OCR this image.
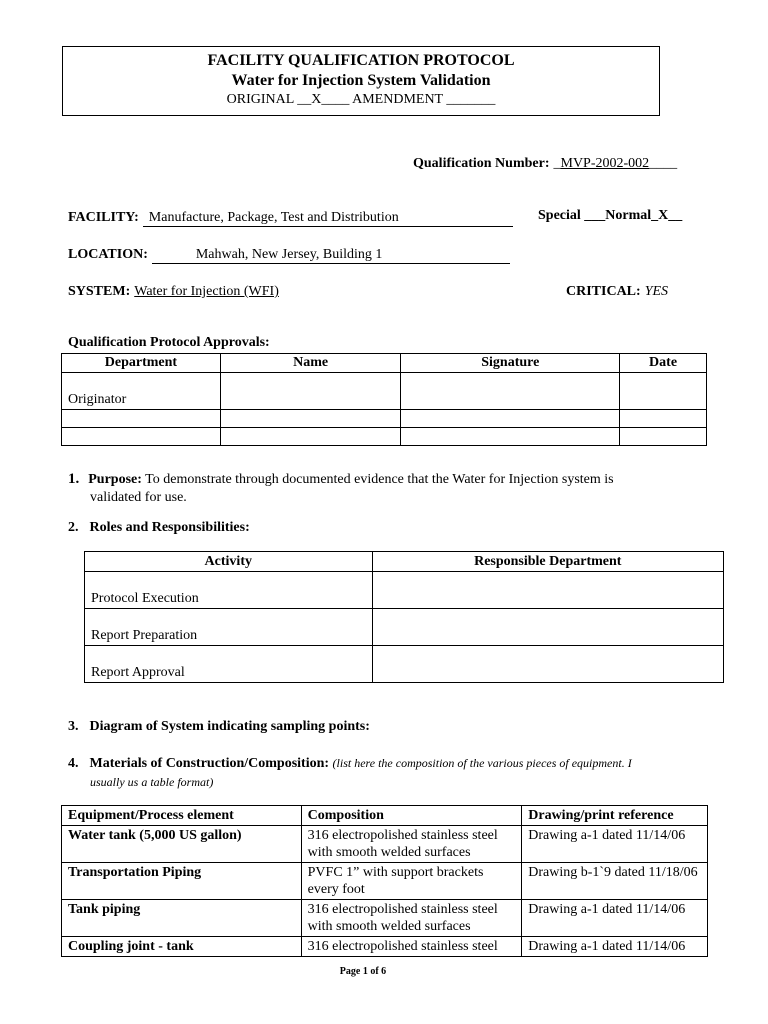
FACILITY QUALIFICATION PROTOCOL
Water for Injection System Validation
ORIGINAL __X____ AMENDMENT _______
Qualification Number: _MVP-2002-002____
FACILITY: Manufacture, Package, Test and Distribution	Special ___Normal_X__
LOCATION:	Mahwah, New Jersey, Building 1
SYSTEM: Water for Injection (WFI)	CRITICAL: YES
Qualification Protocol Approvals:
Department	Name	Signature	Date
Originator			

1. Purpose: To demonstrate through documented evidence that the Water for Injection system is
validated for use.
2. Roles and Responsibilities:
Activity	Responsible Department
Protocol Execution	
Report Preparation	
Report Approval	
3. Diagram of System indicating sampling points:
4. Materials of Construction/Composition: (list here the composition of the various pieces of equipment. I
usually us a table format)
Equipment/Process element	Composition	Drawing/print reference
Water tank (5,000 US gallon)	316 electropolished stainless steel with smooth welded surfaces	Drawing a-1 dated 11/14/06
Transportation Piping	PVFC 1” with support brackets every foot	Drawing b-1`9 dated 11/18/06
Tank piping	316 electropolished stainless steel with smooth welded surfaces	Drawing a-1 dated 11/14/06
Coupling joint - tank	316 electropolished stainless steel	Drawing a-1 dated 11/14/06
Page 1 of 6
